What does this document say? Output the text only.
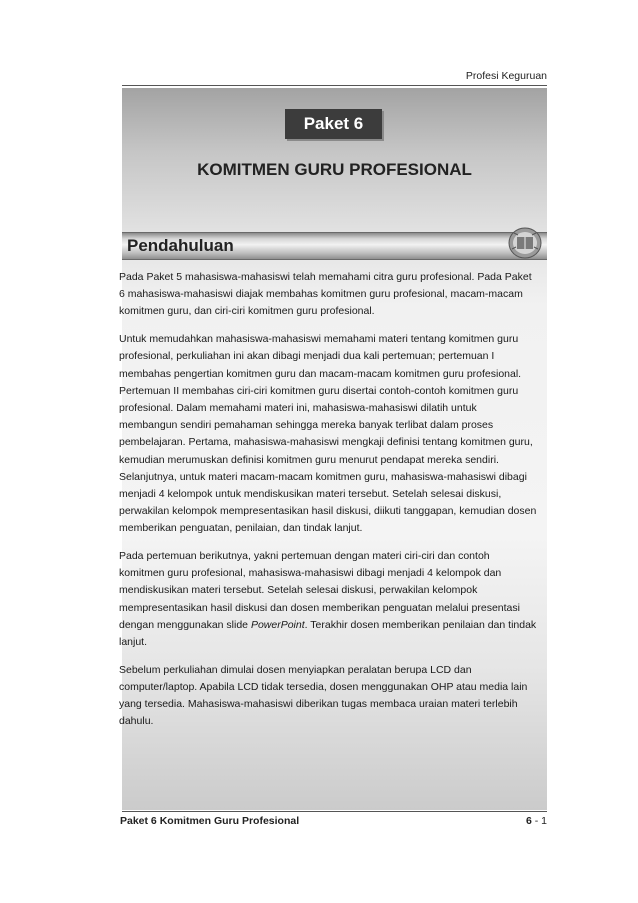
Profesi Keguruan
Paket 6
KOMITMEN GURU PROFESIONAL
Pendahuluan

Pada Paket 5 mahasiswa-mahasiswi telah memahami citra guru profesional. Pada Paket 6 mahasiswa-mahasiswi diajak membahas komitmen guru profesional, macam-macam komitmen guru, dan ciri-ciri komitmen guru profesional.

Untuk memudahkan mahasiswa-mahasiswi memahami materi tentang komitmen guru profesional, perkuliahan ini akan dibagi menjadi dua kali pertemuan; pertemuan I membahas pengertian komitmen guru dan macam-macam komitmen guru profesional. Pertemuan II membahas ciri-ciri komitmen guru disertai contoh-contoh komitmen guru profesional. Dalam memahami materi ini, mahasiswa-mahasiswi dilatih untuk membangun sendiri pemahaman sehingga mereka banyak terlibat dalam proses pembelajaran. Pertama, mahasiswa-mahasiswi mengkaji definisi tentang komitmen guru, kemudian merumuskan definisi komitmen guru menurut pendapat mereka sendiri. Selanjutnya, untuk materi macam-macam komitmen guru, mahasiswa-mahasiswi dibagi menjadi 4 kelompok untuk mendiskusikan materi tersebut. Setelah selesai diskusi, perwakilan kelompok mempresentasikan hasil diskusi, diikuti tanggapan, kemudian dosen memberikan penguatan, penilaian, dan tindak lanjut.

Pada pertemuan berikutnya, yakni pertemuan dengan materi ciri-ciri dan contoh komitmen guru profesional, mahasiswa-mahasiswi dibagi menjadi 4 kelompok dan mendiskusikan materi tersebut. Setelah selesai diskusi, perwakilan kelompok mempresentasikan hasil diskusi dan dosen memberikan penguatan melalui presentasi dengan menggunakan slide PowerPoint. Terakhir dosen memberikan penilaian dan tindak lanjut.

Sebelum perkuliahan dimulai dosen menyiapkan peralatan berupa LCD dan computer/laptop. Apabila LCD tidak tersedia, dosen menggunakan OHP atau media lain yang tersedia. Mahasiswa-mahasiswi diberikan tugas membaca uraian materi terlebih dahulu.

Paket 6 Komitmen Guru Profesional	6 - 1
